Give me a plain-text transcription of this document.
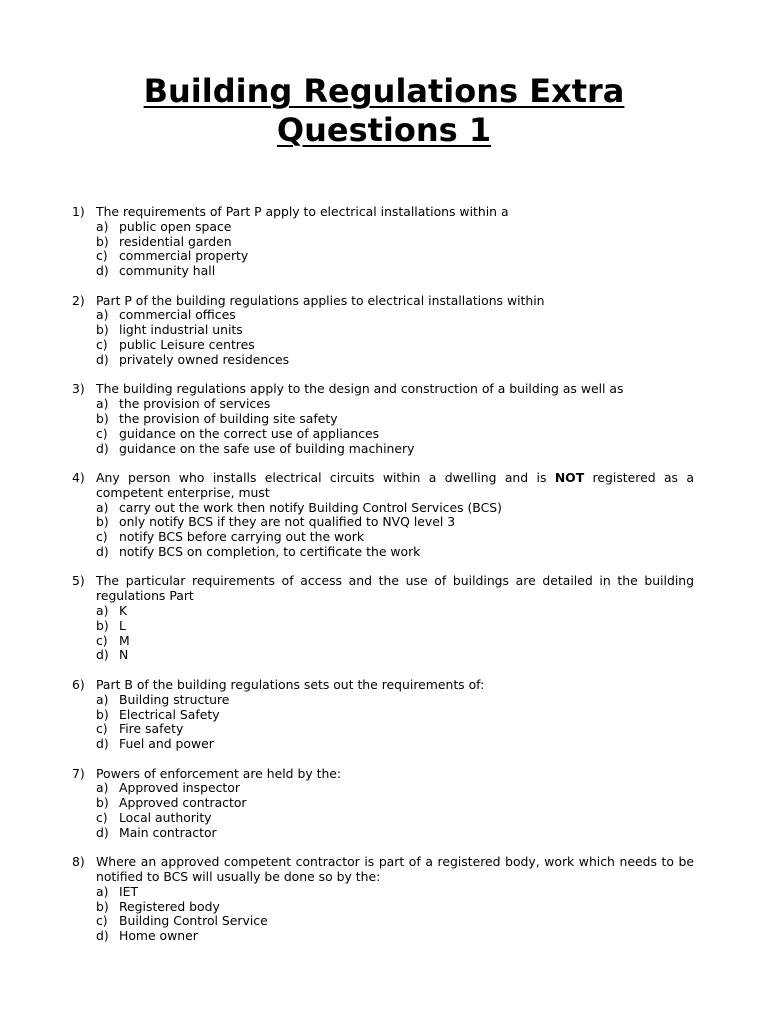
Building Regulations Extra
Questions 1
1) The requirements of Part P apply to electrical installations within a
a) public open space
b) residential garden
c) commercial property
d) community hall
2) Part P of the building regulations applies to electrical installations within
a) commercial offices
b) light industrial units
c) public Leisure centres
d) privately owned residences
3) The building regulations apply to the design and construction of a building as well as
a) the provision of services
b) the provision of building site safety
c) guidance on the correct use of appliances
d) guidance on the safe use of building machinery
4) Any person who installs electrical circuits within a dwelling and is NOT registered as a competent enterprise, must
a) carry out the work then notify Building Control Services (BCS)
b) only notify BCS if they are not qualified to NVQ level 3
c) notify BCS before carrying out the work
d) notify BCS on completion, to certificate the work
5) The particular requirements of access and the use of buildings are detailed in the building regulations Part
a) K
b) L
c) M
d) N
6) Part B of the building regulations sets out the requirements of:
a) Building structure
b) Electrical Safety
c) Fire safety
d) Fuel and power
7) Powers of enforcement are held by the:
a) Approved inspector
b) Approved contractor
c) Local authority
d) Main contractor
8) Where an approved competent contractor is part of a registered body, work which needs to be notified to BCS will usually be done so by the:
a) IET
b) Registered body
c) Building Control Service
d) Home owner
